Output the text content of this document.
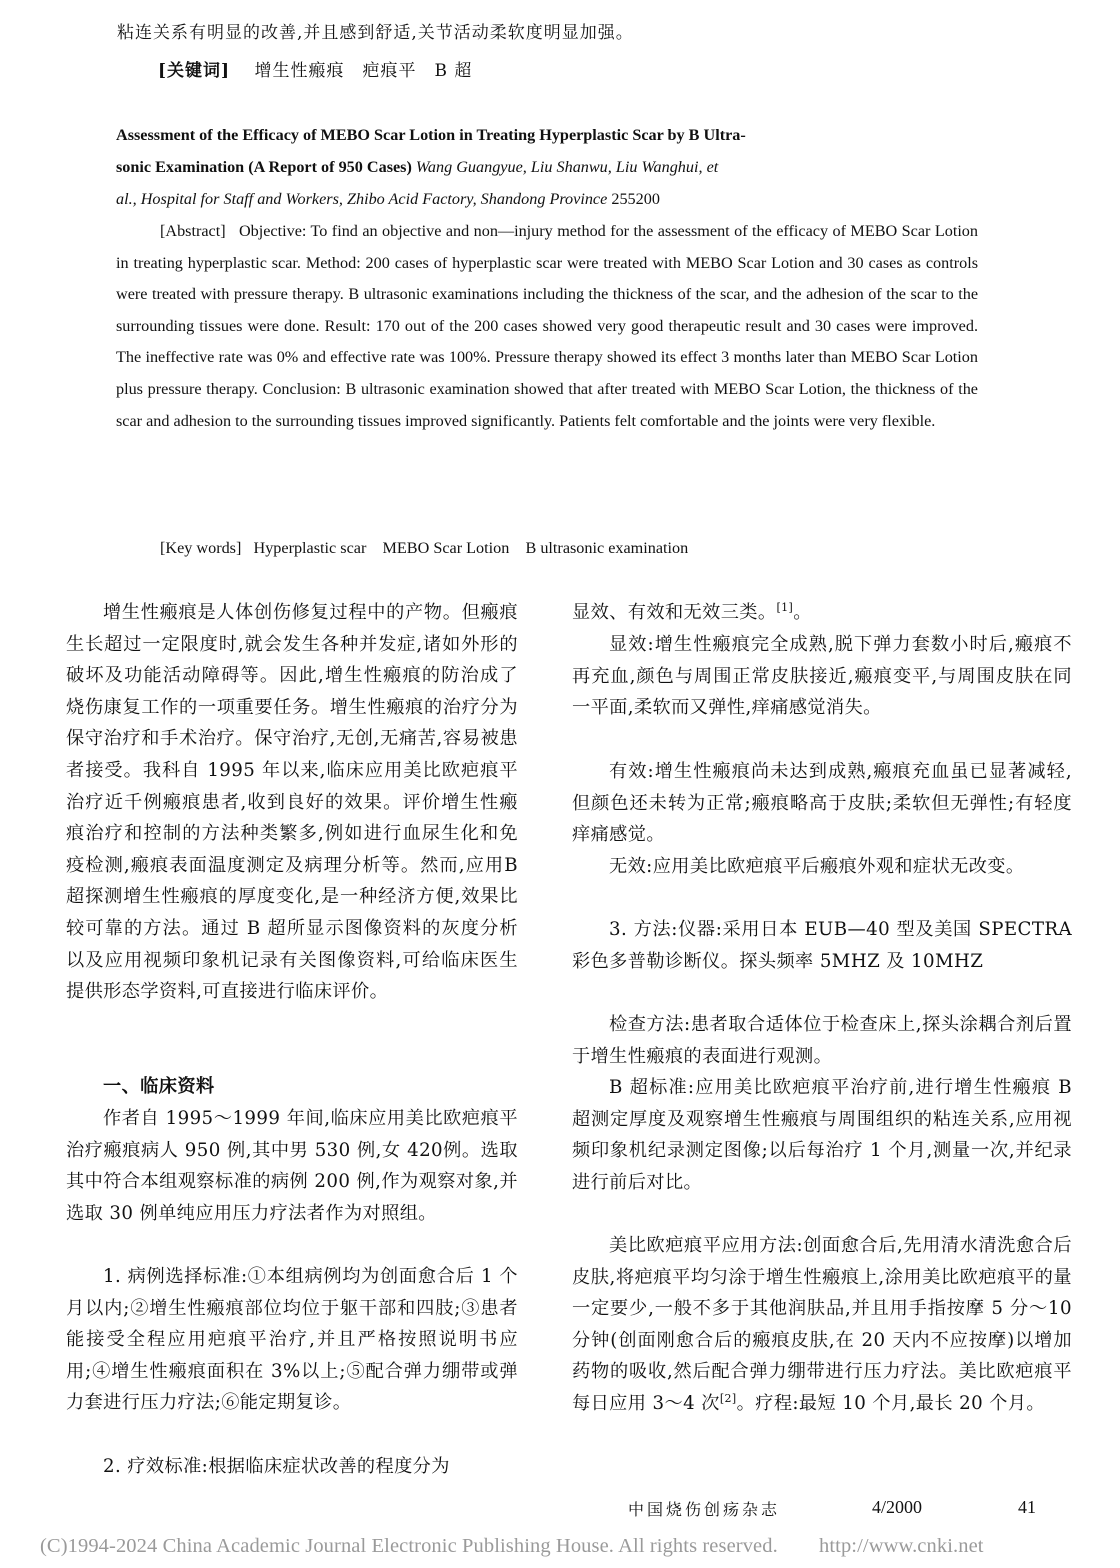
粘连关系有明显的改善,并且感到舒适,关节活动柔软度明显加强。

[关键词]　 增生性瘢痕　疤痕平　B 超

Assessment of the Efficacy of MEBO Scar Lotion in Treating Hyperplastic Scar by B Ultra-

sonic Examination (A Report of 950 Cases) Wang Guangyue, Liu Shanwu, Liu Wanghui, et

al., Hospital for Staff and Workers, Zhibo Acid Factory, Shandong Province 255200

[Abstract] Objective: To find an objective and non—injury method for the assessment of the efficacy of MEBO Scar Lotion in treating hyperplastic scar. Method: 200 cases of hyperplastic scar were treated with MEBO Scar Lotion and 30 cases as controls were treated with pressure therapy. B ultrasonic examinations including the thickness of the scar, and the adhesion of the scar to the surrounding tissues were done. Result: 170 out of the 200 cases showed very good therapeutic result and 30 cases were improved. The ineffective rate was 0% and effective rate was 100%. Pressure therapy showed its effect 3 months later than MEBO Scar Lotion plus pressure therapy. Conclusion: B ultrasonic examination showed that after treated with MEBO Scar Lotion, the thickness of the scar and adhesion to the surrounding tissues improved significantly. Patients felt comfortable and the joints were very flexible.

[Key words] Hyperplastic scar　MEBO Scar Lotion　B ultrasonic examination

增生性瘢痕是人体创伤修复过程中的产物。但瘢痕生长超过一定限度时,就会发生各种并发症,诸如外形的破坏及功能活动障碍等。因此,增生性瘢痕的防治成了烧伤康复工作的一项重要任务。增生性瘢痕的治疗分为保守治疗和手术治疗。保守治疗,无创,无痛苦,容易被患者接受。我科自 1995 年以来,临床应用美比欧疤痕平治疗近千例瘢痕患者,收到良好的效果。评价增生性瘢痕治疗和控制的方法种类繁多,例如进行血尿生化和免疫检测,瘢痕表面温度测定及病理分析等。然而,应用B 超探测增生性瘢痕的厚度变化,是一种经济方便,效果比较可靠的方法。通过 B 超所显示图像资料的灰度分析以及应用视频印象机记录有关图像资料,可给临床医生提供形态学资料,可直接进行临床评价。

一、临床资料

作者自 1995～1999 年间,临床应用美比欧疤痕平治疗瘢痕病人 950 例,其中男 530 例,女 420例。选取其中符合本组观察标准的病例 200 例,作为观察对象,并选取 30 例单纯应用压力疗法者作为对照组。

1. 病例选择标准:①本组病例均为创面愈合后 1 个月以内;②增生性瘢痕部位均位于躯干部和四肢;③患者能接受全程应用疤痕平治疗,并且严格按照说明书应用;④增生性瘢痕面积在 3%以上;⑤配合弹力绷带或弹力套进行压力疗法;⑥能定期复诊。

2. 疗效标准:根据临床症状改善的程度分为

显效、有效和无效三类。[1]。

显效:增生性瘢痕完全成熟,脱下弹力套数小时后,瘢痕不再充血,颜色与周围正常皮肤接近,瘢痕变平,与周围皮肤在同一平面,柔软而又弹性,痒痛感觉消失。

有效:增生性瘢痕尚未达到成熟,瘢痕充血虽已显著减轻,但颜色还未转为正常;瘢痕略高于皮肤;柔软但无弹性;有轻度痒痛感觉。

无效:应用美比欧疤痕平后瘢痕外观和症状无改变。

3. 方法:仪器:采用日本 EUB—40 型及美国 SPECTRA 彩色多普勒诊断仪。探头频率 5MHZ 及 10MHZ

检查方法:患者取合适体位于检查床上,探头涂耦合剂后置于增生性瘢痕的表面进行观测。

B 超标准:应用美比欧疤痕平治疗前,进行增生性瘢痕 B 超测定厚度及观察增生性瘢痕与周围组织的粘连关系,应用视频印象机纪录测定图像;以后每治疗 1 个月,测量一次,并纪录进行前后对比。

美比欧疤痕平应用方法:创面愈合后,先用清水清洗愈合后皮肤,将疤痕平均匀涂于增生性瘢痕上,涂用美比欧疤痕平的量一定要少,一般不多于其他润肤品,并且用手指按摩 5 分～10 分钟(创面刚愈合后的瘢痕皮肤,在 20 天内不应按摩)以增加药物的吸收,然后配合弹力绷带进行压力疗法。美比欧疤痕平每日应用 3～4 次[2]。疗程:最短 10 个月,最长 20 个月。

中国烧伤创疡杂志	4/2000	41
(C)1994-2024 China Academic Journal Electronic Publishing House. All rights reserved.　　http://www.cnki.net
